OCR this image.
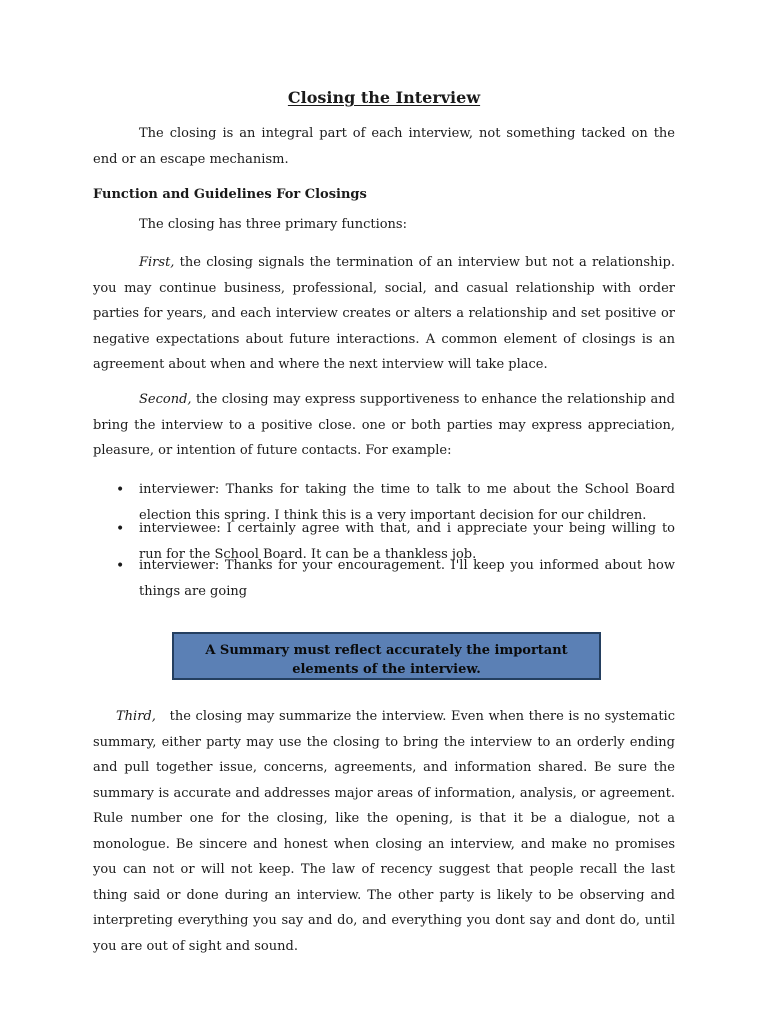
Closing the Interview

The closing is an integral part of each interview, not something tacked on the end or an escape mechanism.

Function and Guidelines For Closings

The closing has three primary functions:

First, the closing signals the termination of an interview but not a relationship. you may continue business, professional, social, and casual relationship with order parties for years, and each interview creates or alters a relationship and set positive or negative expectations about future interactions. A common element of closings is an agreement about when and where the next interview will take place.

Second, the closing may express supportiveness to enhance the relationship and bring the interview to a positive close. one or both parties may express appreciation, pleasure, or intention of future contacts. For example:

• interviewer: Thanks for taking the time to talk to me about the School Board election this spring. I think this is a very important decision for our children.
• interviewee: I certainly agree with that, and i appreciate your being willing to run for the School Board. It can be a thankless job.
• interviewer: Thanks for your encouragement. I'll keep you informed about how things are going
A Summary must reflect accurately the important elements of the interview.

Third,   the closing may summarize the interview. Even when there is no systematic summary, either party may use the closing to bring the interview to an orderly ending and pull together issue, concerns, agreements, and information shared. Be sure the summary is accurate and addresses major areas of information, analysis, or agreement. Rule number one for the closing, like the opening, is that it be a dialogue, not a monologue. Be sincere and honest when closing an interview, and make no promises you can not or will not keep. The law of recency suggest that people recall the last thing said or done during an interview. The other party is likely to be observing and interpreting everything you say and do, and everything you dont say and dont do, until you are out of sight and sound.
